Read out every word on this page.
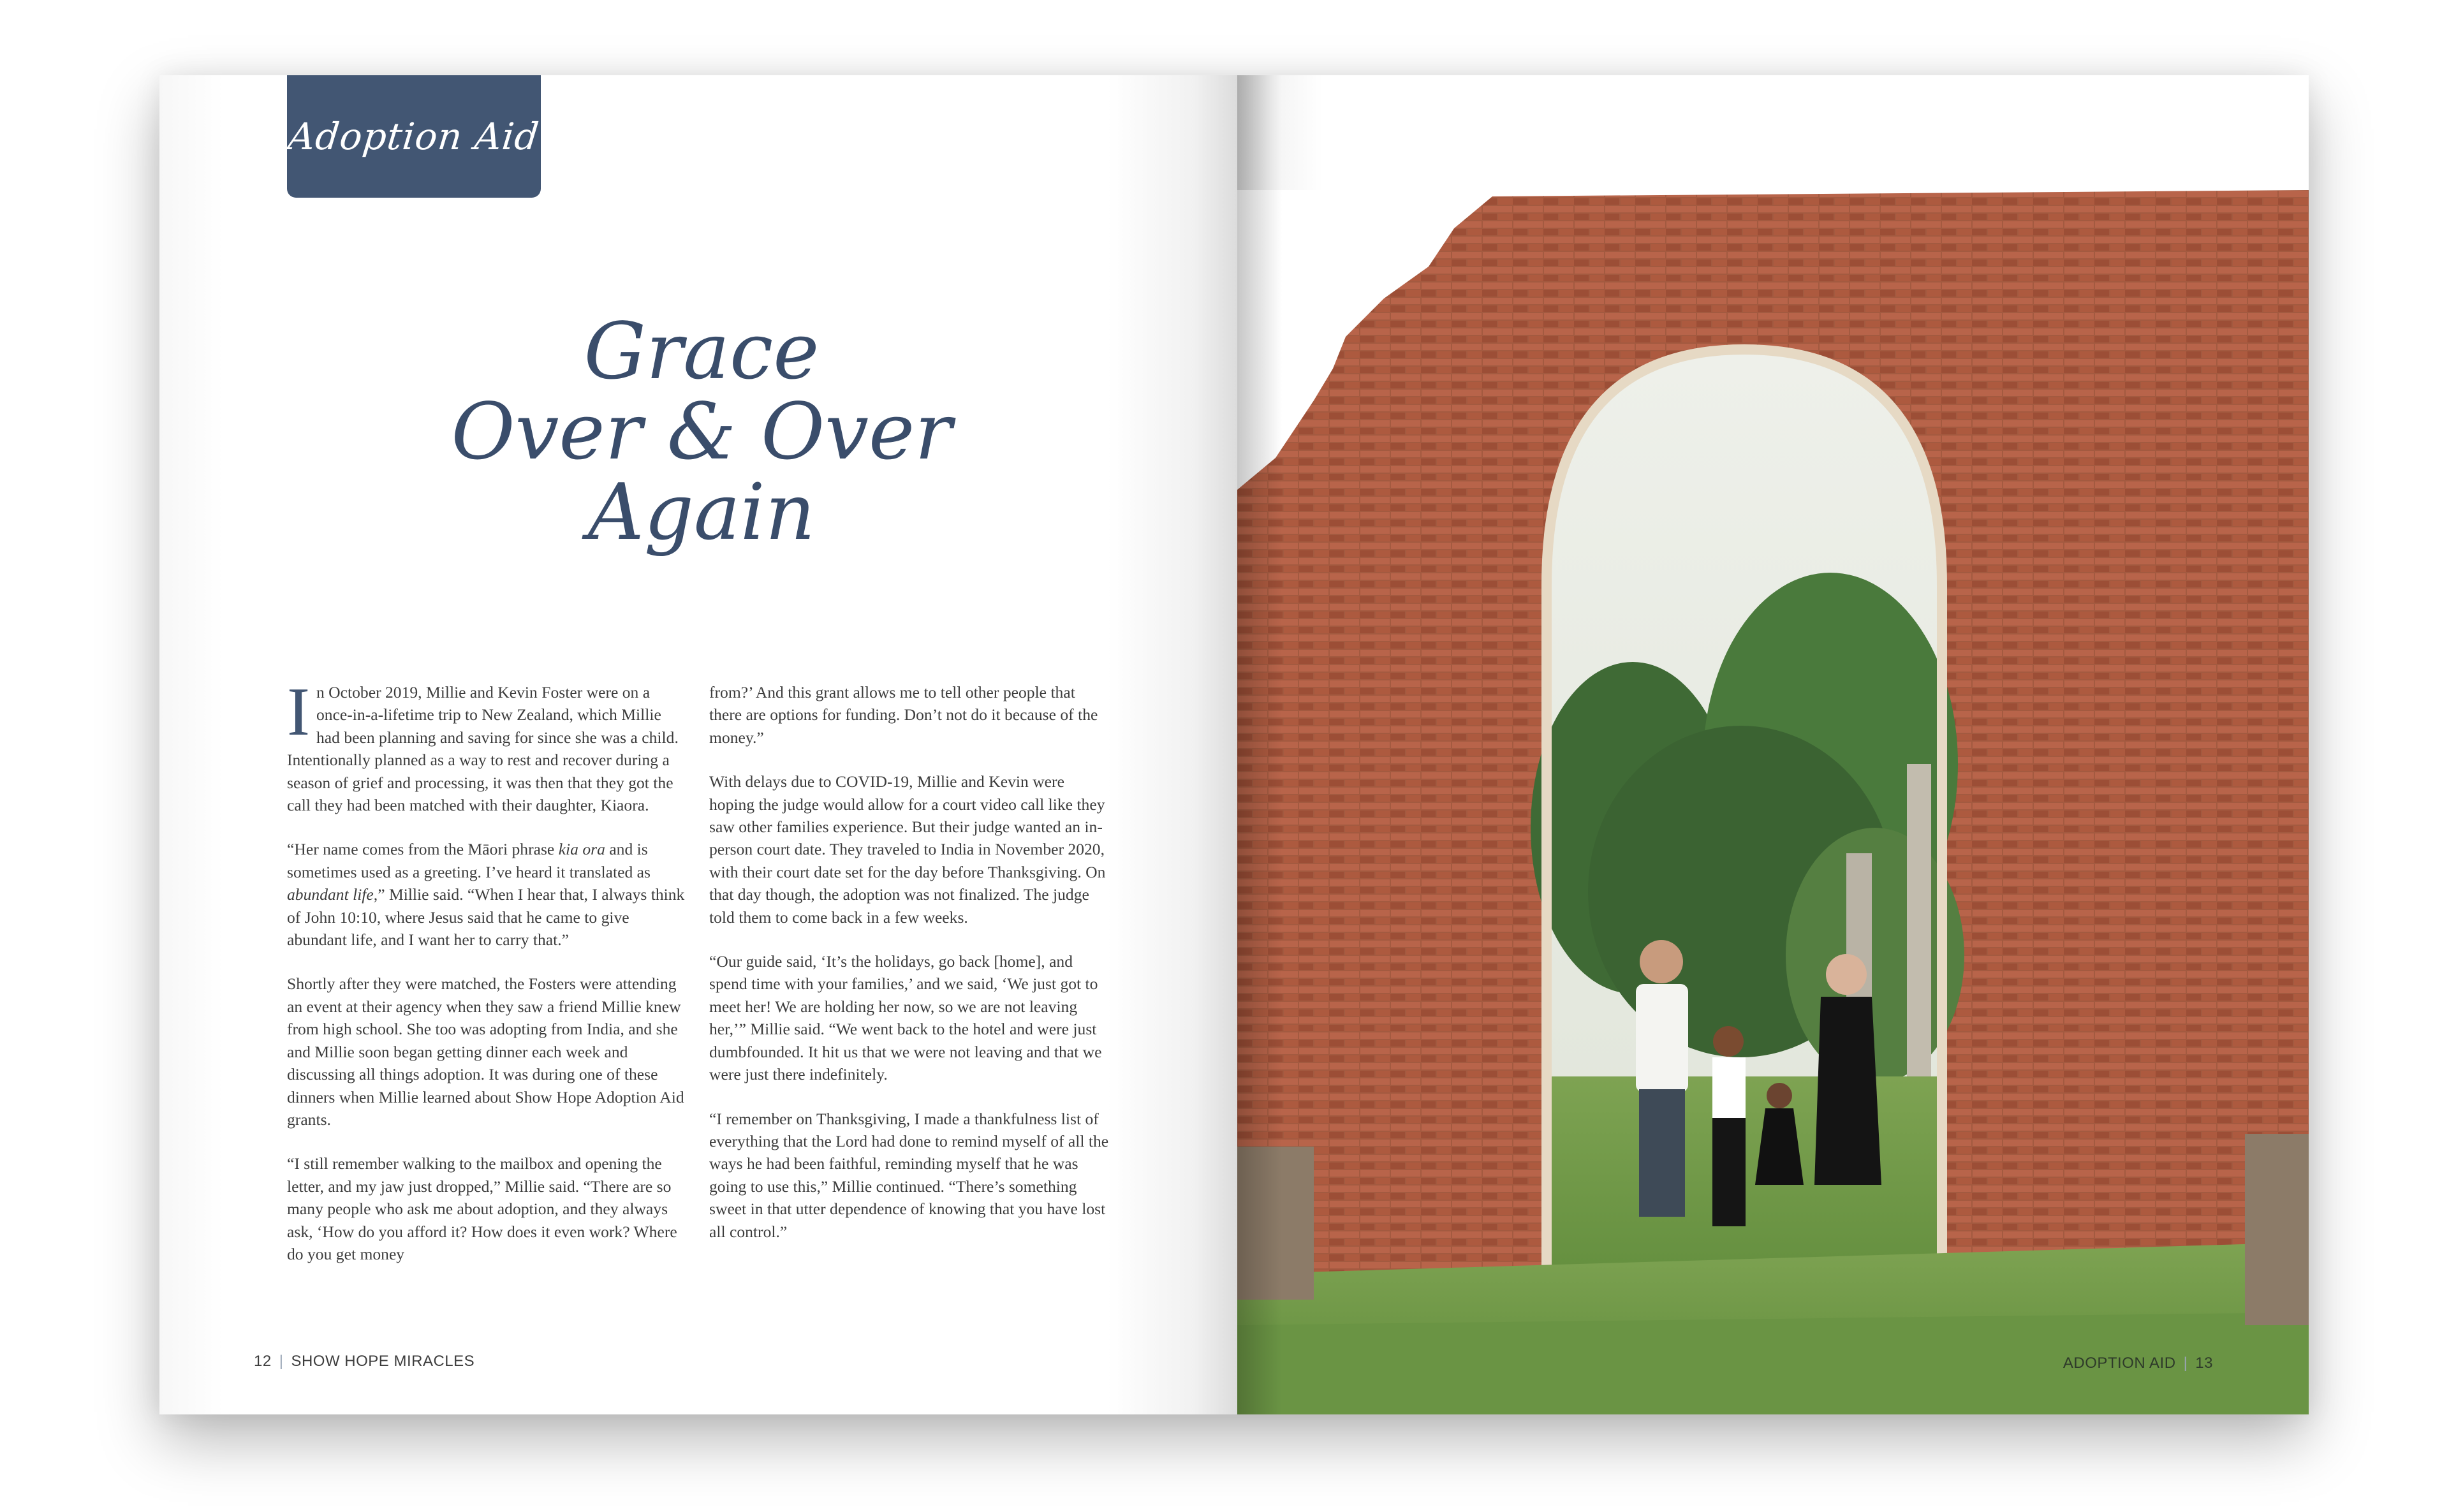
Adoption Aid
Grace
Over & Over
Again

In October 2019, Millie and Kevin Foster were on a once-in-a-lifetime trip to New Zealand, which Millie had been planning and saving for since she was a child. Intentionally planned as a way to rest and recover during a season of grief and processing, it was then that they got the call they had been matched with their daughter, Kiaora.

“Her name comes from the Māori phrase kia ora and is sometimes used as a greeting. I’ve heard it translated as abundant life,” Millie said. “When I hear that, I always think of John 10:10, where Jesus said that he came to give abundant life, and I want her to carry that.”

Shortly after they were matched, the Fosters were attending an event at their agency when they saw a friend Millie knew from high school. She too was adopting from India, and she and Millie soon began getting dinner each week and discussing all things adoption. It was during one of these dinners when Millie learned about Show Hope Adoption Aid grants.

“I still remember walking to the mailbox and opening the letter, and my jaw just dropped,” Millie said. “There are so many people who ask me about adoption, and they always ask, ‘How do you afford it? How does it even work? Where do you get money

from?’ And this grant allows me to tell other people that there are options for funding. Don’t not do it because of the money.”

With delays due to COVID-19, Millie and Kevin were hoping the judge would allow for a court video call like they saw other families experience. But their judge wanted an in-person court date. They traveled to India in November 2020, with their court date set for the day before Thanksgiving. On that day though, the adoption was not finalized. The judge told them to come back in a few weeks.

“Our guide said, ‘It’s the holidays, go back [home], and spend time with your families,’ and we said, ‘We just got to meet her! We are holding her now, so we are not leaving her,’” Millie said. “We went back to the hotel and were just dumbfounded. It hit us that we were not leaving and that we were just there indefinitely.

“I remember on Thanksgiving, I made a thankfulness list of everything that the Lord had done to remind myself of all the ways he had been faithful, reminding myself that he was going to use this,” Millie continued. “There’s something sweet in that utter dependence of knowing that you have lost all control.”

12 | SHOW HOPE MIRACLES	ADOPTION AID | 13
